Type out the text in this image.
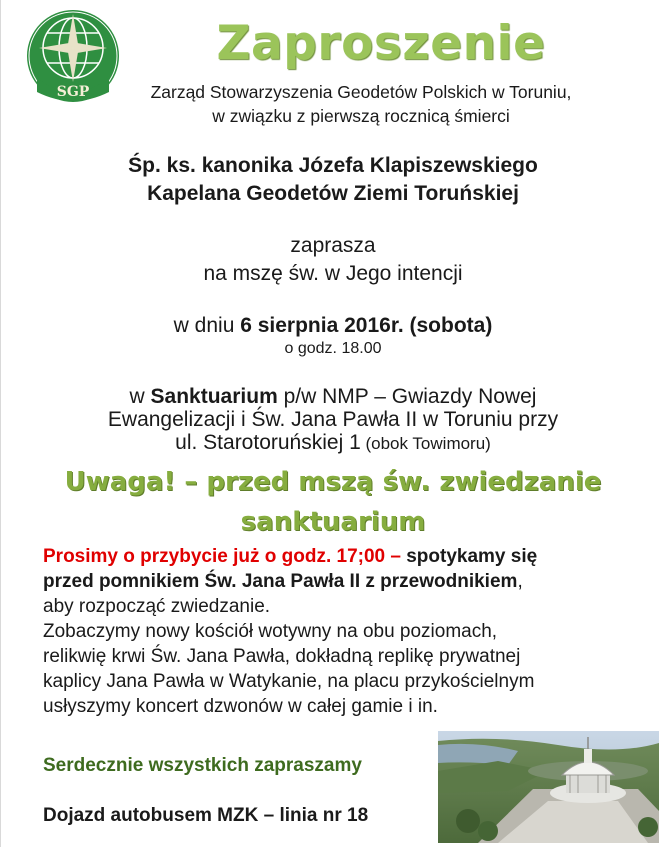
SGP
Zaproszenie
Zarząd Stowarzyszenia Geodetów Polskich w Toruniu,
w związku z pierwszą rocznicą śmierci
Śp. ks. kanonika Józefa Klapiszewskiego
Kapelana Geodetów Ziemi Toruńskiej
zaprasza
na mszę św. w Jego intencji
w dniu 6 sierpnia 2016r. (sobota)
o godz. 18.00
w Sanktuarium p/w NMP – Gwiazdy Nowej
Ewangelizacji i Św. Jana Pawła II w Toruniu przy
ul. Starotoruńskiej 1 (obok Towimoru)
Uwaga! – przed mszą św. zwiedzanie
sanktuarium
Prosimy o przybycie już o godz. 17;00 – spotykamy się
przed pomnikiem Św. Jana Pawła II z przewodnikiem,
aby rozpocząć zwiedzanie.
Zobaczymy nowy kościół wotywny na obu poziomach,
relikwię krwi Św. Jana Pawła, dokładną replikę prywatnej
kaplicy Jana Pawła w Watykanie, na placu przykościelnym
usłyszymy koncert dzwonów w całej gamie i in.
Serdecznie wszystkich zapraszamy
Dojazd autobusem MZK – linia nr 18
